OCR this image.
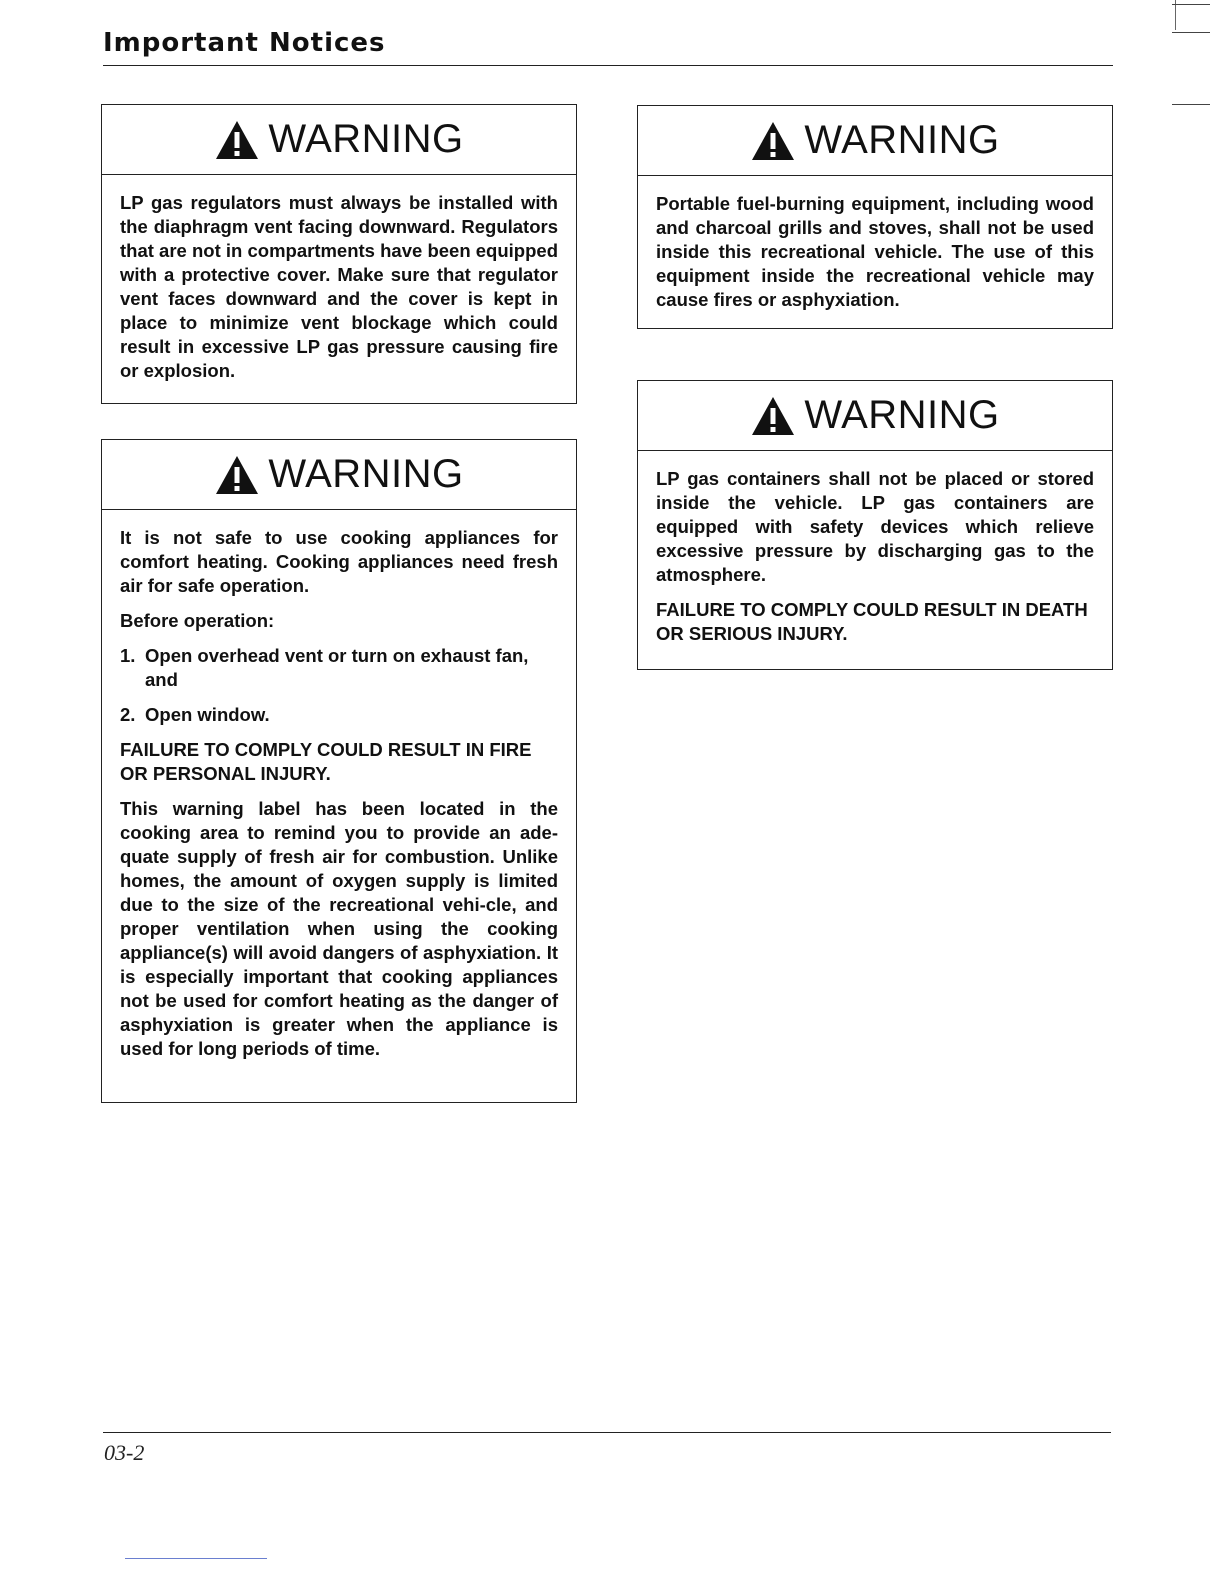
Important Notices
WARNING

LP gas regulators must always be installed with the diaphragm vent facing downward. Regulators that are not in compartments have been equipped with a protective cover. Make sure that regulator vent faces downward and the cover is kept in place to minimize vent blockage which could result in excessive LP gas pressure causing fire or explosion.

WARNING

It is not safe to use cooking appliances for comfort heating. Cooking appliances need fresh air for safe operation.

Before operation:

1. Open overhead vent or turn on exhaust fan, and
2. Open window.

FAILURE TO COMPLY COULD RESULT IN FIRE OR PERSONAL INJURY.

This warning label has been located in the cooking area to remind you to provide an ade-quate supply of fresh air for combustion. Unlike homes, the amount of oxygen supply is limited due to the size of the recreational vehi-cle, and proper ventilation when using the cooking appliance(s) will avoid dangers of asphyxiation. It is especially important that cooking appliances not be used for comfort heating as the danger of asphyxiation is greater when the appliance is used for long periods of time.

WARNING

Portable fuel-burning equipment, including wood and charcoal grills and stoves, shall not be used inside this recreational vehicle. The use of this equipment inside the recreational vehicle may cause fires or asphyxiation.

WARNING

LP gas containers shall not be placed or stored inside the vehicle. LP gas containers are equipped with safety devices which relieve excessive pressure by discharging gas to the atmosphere.

FAILURE TO COMPLY COULD RESULT IN DEATH OR SERIOUS INJURY.

03-2
